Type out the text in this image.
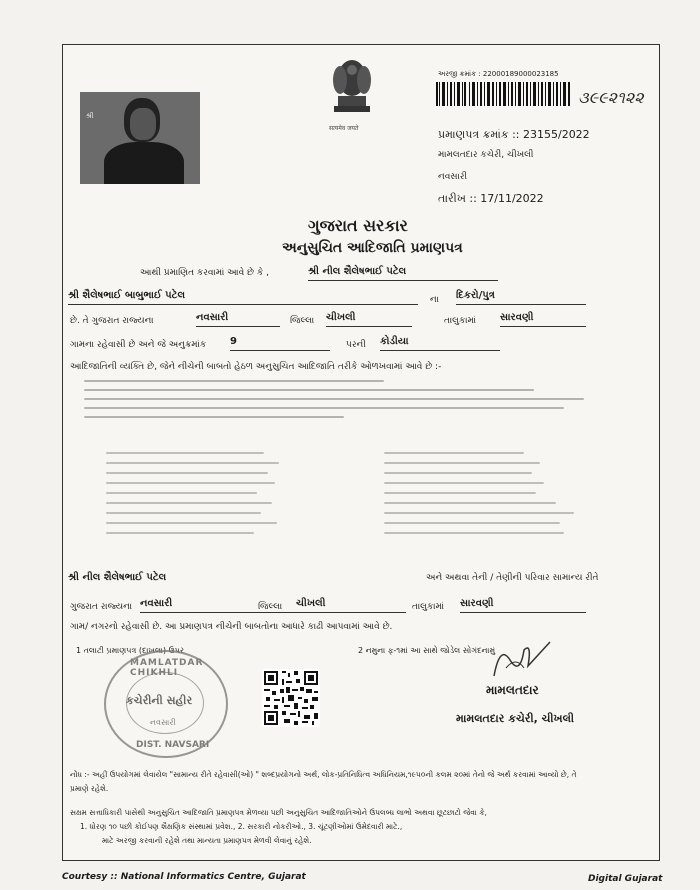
શ્રી
सत्यमेव जयते
અરજી ક્રમાંક : 22000189000023185
૩૯૯૨૧૨૨
પ્રમાણપત્ર ક્રમાંક :: 23155/2022
મામલતદાર કચેરી, ચીખલી
નવસારી
તારીખ :: 17/11/2022
ગુજરાત સરકાર
અનુસુચિત આદિજાતિ પ્રમાણપત્ર
આથી પ્રમાણિત કરવામાં આવે છે કે ,	શ્રી નીલ શૈલેષભાઈ પટેલ
શ્રી શૈલેષભાઈ બાબુભાઈ પટેલ	ના દિકરો/પુત્ર
છે. તે ગુજરાત રાજ્યના	નવસારી	જિલ્લા ચીખલી	તાલુકામાં સારવણી
ગામના રહેવાસી છે અને જે અનુક્રમાંક 9	પરની કોડીયા
આદિજાતિની વ્યક્તિ છે, જેને નીચેની બાબતો હેઠળ અનુસુચિત આદિજાતિ તરીકે ઓળખવામાં આવે છે :-
શ્રી નીલ શૈલેષભાઈ પટેલ	અને અથવા તેની / તેણીની પરિવાર સામાન્ય રીતે
ગુજરાત રાજ્યના નવસારી	જિલ્લા ચીખલી	તાલુકામાં સારવણી
ગામ/ નગરનો રહેવાસી છે. આ પ્રમાણપત્ર નીચેની બાબતોના આધારે કાઢી આપવામાં આવે છે.
1 તલાટી પ્રમાણપત્ર (દાખલા) ઉપર	2 નમુના ફ-૧માં આ સાથે જોડેલ સોગંદનામું
MAMLATDAR CHIKHLI
કચેરીની સહીર
નવસારી
DIST. NAVSARI
મામલતદાર
મામલતદાર કચેરી, ચીખલી
નોંધ :- અહીં ઉપયોગમાં લેવાયેલ "સામાન્ય રીતે રહેવાસી(ઓ) " શબ્દપ્રયોગનો અર્થ, લોક-પ્રતિનિધિત્વ અધિનિયમ,૧૯૫૦ની કલમ ૨૦માં તેનો જે અર્થ કરવામાં આવ્યો છે, તે
પ્રમાણે રહેશે.
સક્ષમ સત્તાધિકારી પાસેથી અનુસુચિત આદિજાતિ પ્રમાણપત્ર મેળવ્યા પછી અનુસુચિત આદિજાતિઓને ઉપલબ્ધ લાભો અથવા છૂટછાટો જેવા કે,
1. ધોરણ ૧૦ પછી કોઈપણ શૈક્ષણિક સંસ્થામાં પ્રવેશ., 2. સરકારી નોકરીઓ., 3. ચૂંટણીઓમાં ઉમેદવારી માટે.,
માટે અરજી કરવાની રહેશે તથા માન્યતા પ્રમાણપત્ર મેળવી લેવાનું રહેશે.
Courtesy :: National Informatics Centre, Gujarat	Digital Gujarat
